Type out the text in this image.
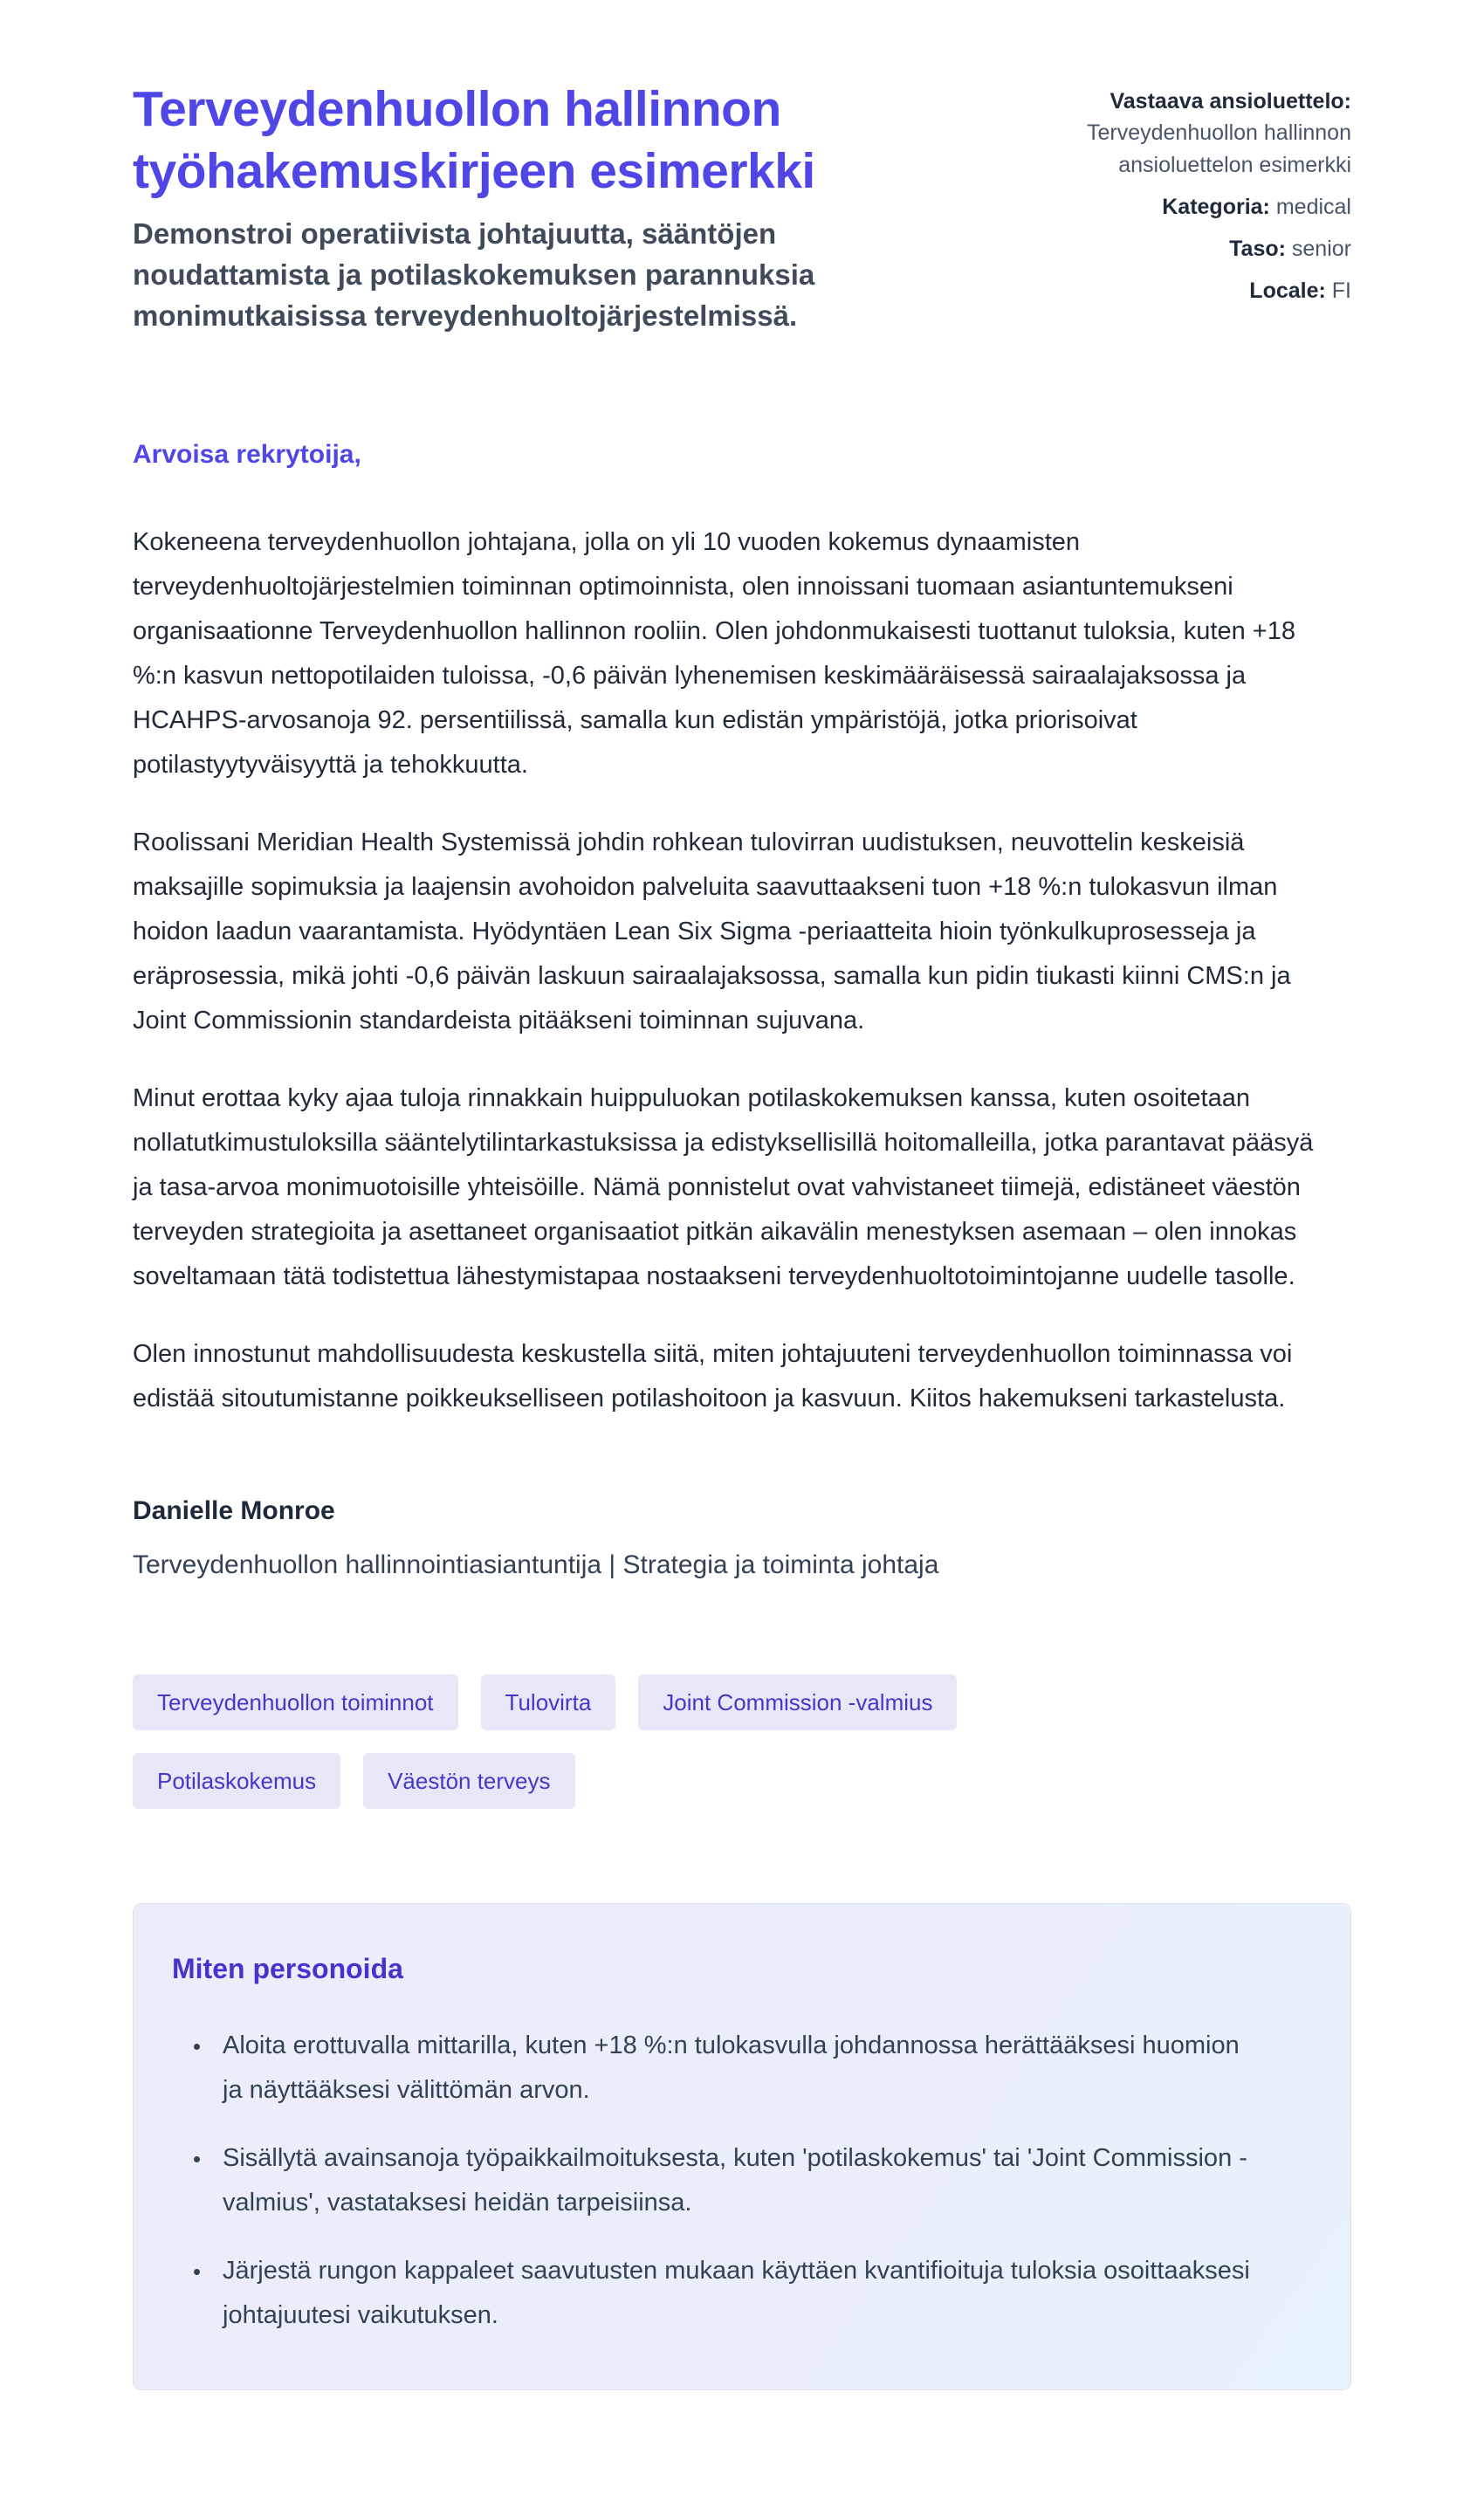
Terveydenhuollon hallinnon työhakemuskirjeen esimerkki
Demonstroi operatiivista johtajuutta, sääntöjen noudattamista ja potilaskokemuksen parannuksia monimutkaisissa terveydenhuoltojärjestelmissä.
Vastaava ansioluettelo: Terveydenhuollon hallinnon ansioluettelon esimerkki
Kategoria: medical
Taso: senior
Locale: FI
Arvoisa rekrytoija,

Kokeneena terveydenhuollon johtajana, jolla on yli 10 vuoden kokemus dynaamisten terveydenhuoltojärjestelmien toiminnan optimoinnista, olen innoissani tuomaan asiantuntemukseni organisaationne Terveydenhuollon hallinnon rooliin. Olen johdonmukaisesti tuottanut tuloksia, kuten +18 %:n kasvun nettopotilaiden tuloissa, -0,6 päivän lyhenemisen keskimääräisessä sairaalajaksossa ja HCAHPS-arvosanoja 92. persentiilissä, samalla kun edistän ympäristöjä, jotka priorisoivat potilastyytyväisyyttä ja tehokkuutta.

Roolissani Meridian Health Systemissä johdin rohkean tulovirran uudistuksen, neuvottelin keskeisiä maksajille sopimuksia ja laajensin avohoidon palveluita saavuttaakseni tuon +18 %:n tulokasvun ilman hoidon laadun vaarantamista. Hyödyntäen Lean Six Sigma -periaatteita hioin työnkulkuprosesseja ja eräprosessia, mikä johti -0,6 päivän laskuun sairaalajaksossa, samalla kun pidin tiukasti kiinni CMS:n ja Joint Commissionin standardeista pitääkseni toiminnan sujuvana.

Minut erottaa kyky ajaa tuloja rinnakkain huippuluokan potilaskokemuksen kanssa, kuten osoitetaan nollatutkimustuloksilla sääntelytilintarkastuksissa ja edistyksellisillä hoitomalleilla, jotka parantavat pääsyä ja tasa-arvoa monimuotoisille yhteisöille. Nämä ponnistelut ovat vahvistaneet tiimejä, edistäneet väestön terveyden strategioita ja asettaneet organisaatiot pitkän aikavälin menestyksen asemaan – olen innokas soveltamaan tätä todistettua lähestymistapaa nostaakseni terveydenhuoltotoimintojanne uudelle tasolle.

Olen innostunut mahdollisuudesta keskustella siitä, miten johtajuuteni terveydenhuollon toiminnassa voi edistää sitoutumistanne poikkeukselliseen potilashoitoon ja kasvuun. Kiitos hakemukseni tarkastelusta.

Danielle Monroe
Terveydenhuollon hallinnointiasiantuntija | Strategia ja toiminta johtaja
Terveydenhuollon toiminnot	Tulovirta	Joint Commission -valmius
Potilaskokemus	Väestön terveys
Miten personoida
• Aloita erottuvalla mittarilla, kuten +18 %:n tulokasvulla johdannossa herättääksesi huomion ja näyttääksesi välittömän arvon.
• Sisällytä avainsanoja työpaikkailmoituksesta, kuten 'potilaskokemus' tai 'Joint Commission -valmius', vastataksesi heidän tarpeisiinsa.
• Järjestä rungon kappaleet saavutusten mukaan käyttäen kvantifioituja tuloksia osoittaaksesi johtajuutesi vaikutuksen.
